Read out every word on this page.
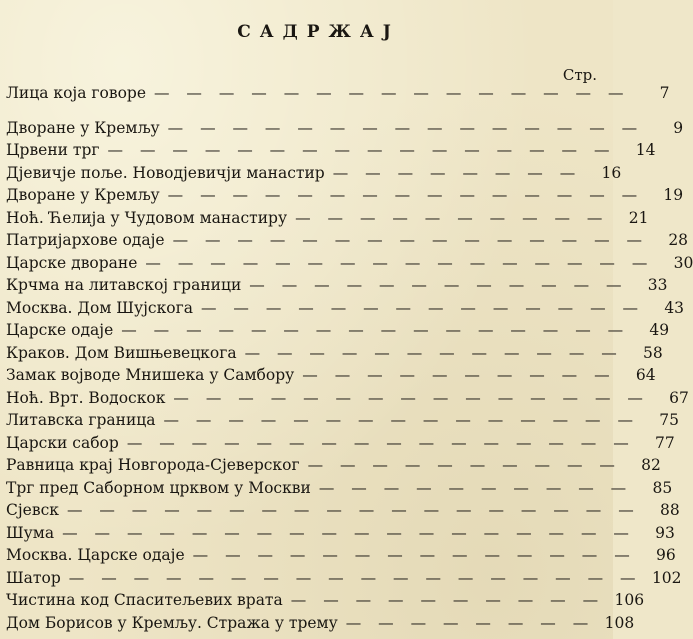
САДРЖАЈ
Стр.
Лица која говоре — — — — — — — — — — — — — — —	7
Дворане у Кремљу — — — — — — — — — — — — — — —	9
Црвени трг — — — — — — — — — — — — — — — —	14
Дјевичје поље. Новодјевичји манастир — — — — — — — —	16
Дворане у Кремљу — — — — — — — — — — — — — — —	19
Ноћ. Ћелија у Чудовом манастиру — — — — — — — — — —	21
Патријархове одаје — — — — — — — — — — — — — — —	28
Царске дворане — — — — — — — — — — — — — — — —	30
Крчма на литавској граници — — — — — — — — — — — —	33
Москва. Дом Шујскога — — — — — — — — — — — — — —	43
Царске одаје — — — — — — — — — — — — — — — —	49
Краков. Дом Вишњевецкога — — — — — — — — — — — —	58
Замак војводе Мнишека у Самбору — — — — — — — — — —	64
Ноћ. Врт. Водоскок — — — — — — — — — — — — — — —	67
Литавска граница — — — — — — — — — — — — — — —	75
Царски сабор — — — — — — — — — — — — — — — —	77
Равница крај Новгорода-Сјеверског — — — — — — — — — —	82
Трг пред Саборном црквом у Москви — — — — — — — — — —	85
Сјевск — — — — — — — — — — — — — — — — — —	88
Шума — — — — — — — — — — — — — — — — — —	93
Москва. Царске одаје — — — — — — — — — — — — — —	96
Шатор — — — — — — — — — — — — — — — — — — 102
Чистина код Спаситељевих врата — — — — — — — — — — 106
Дом Борисов у Кремљу. Стража у трему — — — — — — — — 108
